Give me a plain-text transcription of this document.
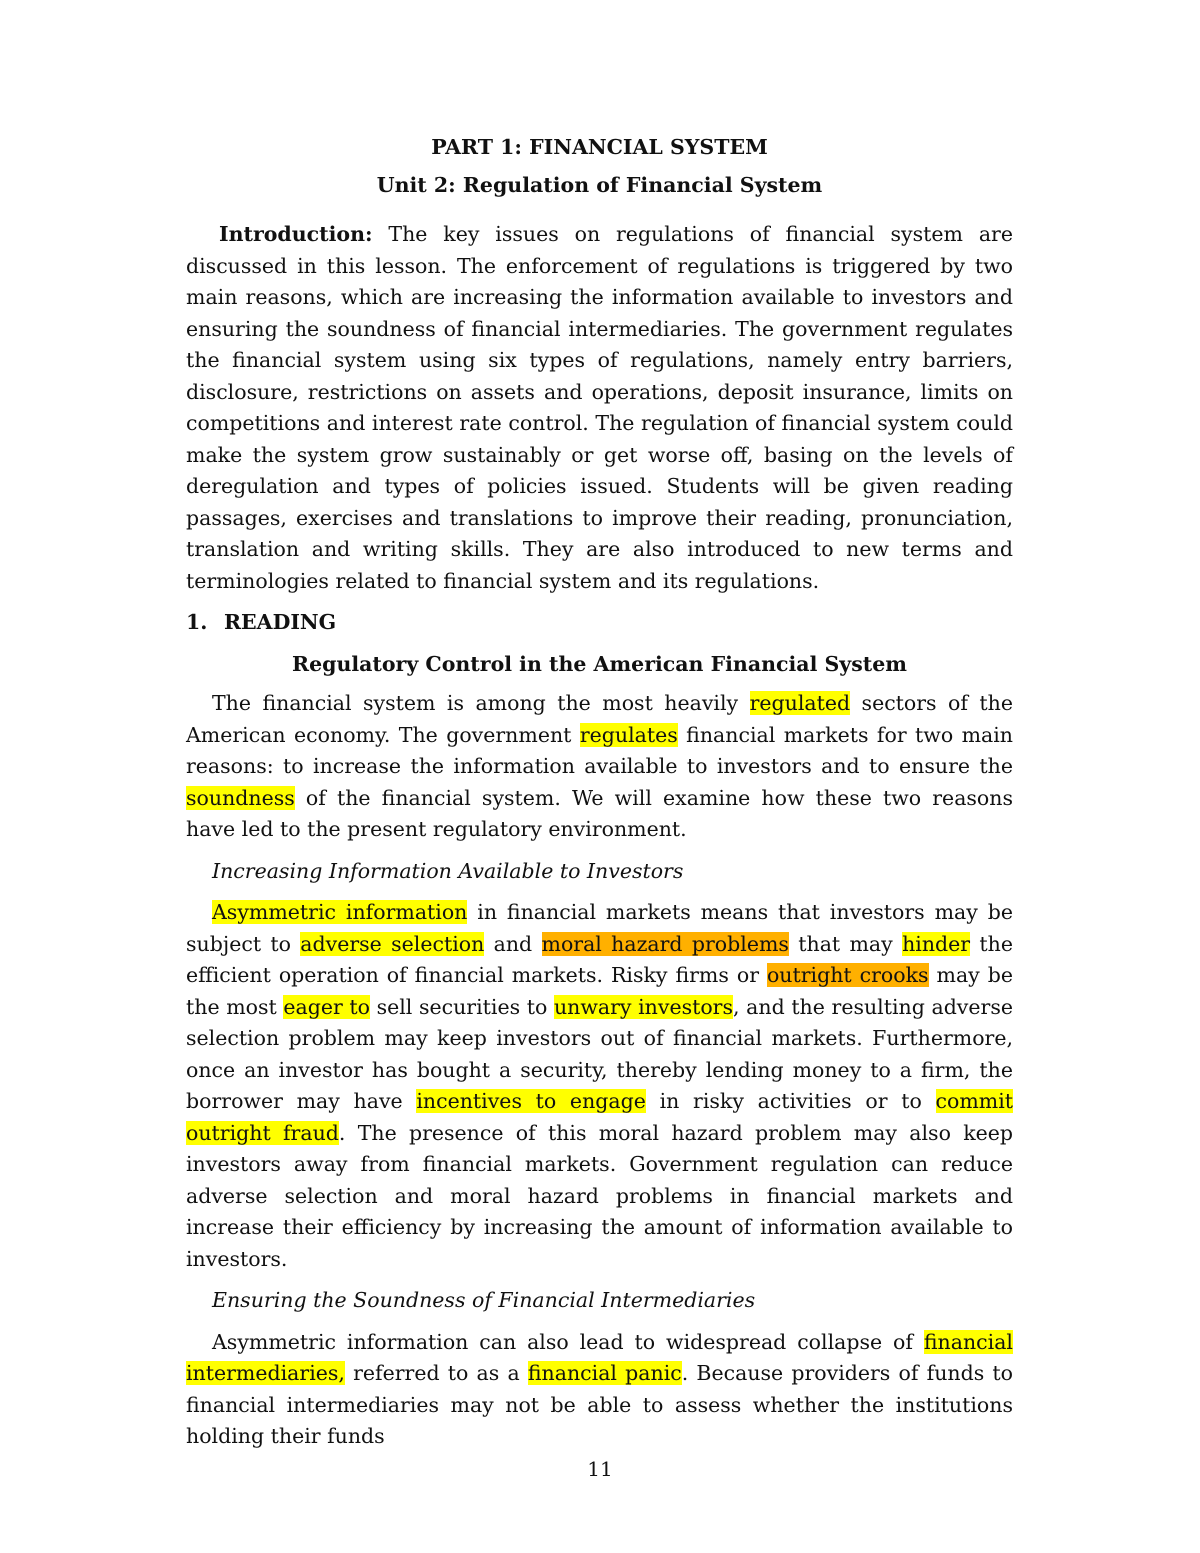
PART 1: FINANCIAL SYSTEM
Unit 2: Regulation of Financial System

Introduction: The key issues on regulations of financial system are discussed in this lesson. The enforcement of regulations is triggered by two main reasons, which are increasing the information available to investors and ensuring the soundness of financial intermediaries. The government regulates the financial system using six types of regulations, namely entry barriers, disclosure, restrictions on assets and operations, deposit insurance, limits on competitions and interest rate control. The regulation of financial system could make the system grow sustainably or get worse off, basing on the levels of deregulation and types of policies issued. Students will be given reading passages, exercises and translations to improve their reading, pronunciation, translation and writing skills. They are also introduced to new terms and terminologies related to financial system and its regulations.

1. READING
Regulatory Control in the American Financial System

The financial system is among the most heavily regulated sectors of the American economy. The government regulates financial markets for two main reasons: to increase the information available to investors and to ensure the soundness of the financial system. We will examine how these two reasons have led to the present regulatory environment.

Increasing Information Available to Investors

Asymmetric information in financial markets means that investors may be subject to adverse selection and moral hazard problems that may hinder the efficient operation of financial markets. Risky firms or outright crooks may be the most eager to sell securities to unwary investors, and the resulting adverse selection problem may keep investors out of financial markets. Furthermore, once an investor has bought a security, thereby lending money to a firm, the borrower may have incentives to engage in risky activities or to commit outright fraud. The presence of this moral hazard problem may also keep investors away from financial markets. Government regulation can reduce adverse selection and moral hazard problems in financial markets and increase their efficiency by increasing the amount of information available to investors.

Ensuring the Soundness of Financial Intermediaries

Asymmetric information can also lead to widespread collapse of financial intermediaries, referred to as a financial panic. Because providers of funds to financial intermediaries may not be able to assess whether the institutions holding their funds

11
